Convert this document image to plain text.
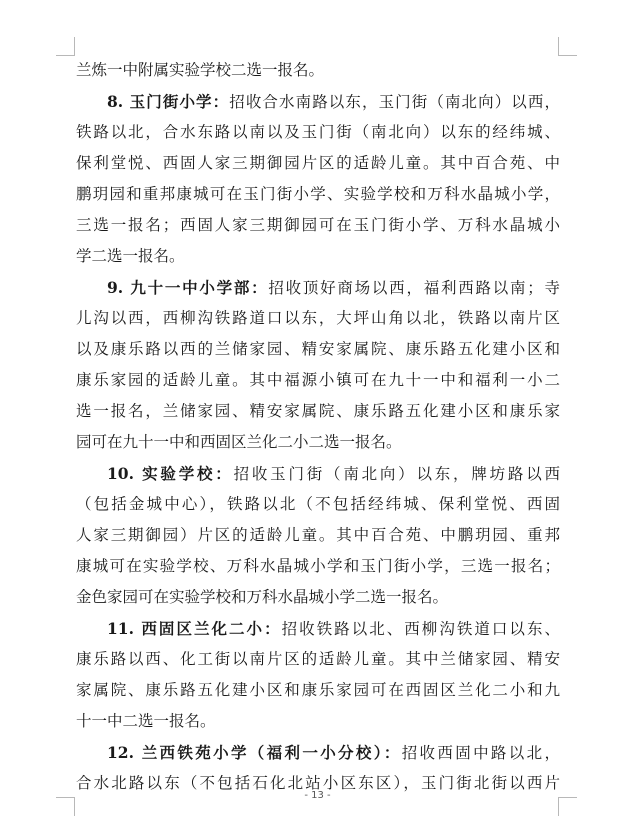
兰炼一中附属实验学校二选一报名。
8. 玉门街小学：招收合水南路以东，玉门街（南北向）以西，
铁路以北，合水东路以南以及玉门街（南北向）以东的经纬城、
保利堂悦、西固人家三期御园片区的适龄儿童。其中百合苑、中
鹏玥园和重邦康城可在玉门街小学、实验学校和万科水晶城小学，
三选一报名；西固人家三期御园可在玉门街小学、万科水晶城小
学二选一报名。
9. 九十一中小学部：招收顶好商场以西，福利西路以南；寺
儿沟以西，西柳沟铁路道口以东，大坪山角以北，铁路以南片区
以及康乐路以西的兰储家园、精安家属院、康乐路五化建小区和
康乐家园的适龄儿童。其中福源小镇可在九十一中和福利一小二
选一报名，兰储家园、精安家属院、康乐路五化建小区和康乐家
园可在九十一中和西固区兰化二小二选一报名。
10. 实验学校：招收玉门街（南北向）以东，牌坊路以西
（包括金城中心），铁路以北（不包括经纬城、保利堂悦、西固
人家三期御园）片区的适龄儿童。其中百合苑、中鹏玥园、重邦
康城可在实验学校、万科水晶城小学和玉门街小学，三选一报名；
金色家园可在实验学校和万科水晶城小学二选一报名。
11. 西固区兰化二小：招收铁路以北、西柳沟铁道口以东、
康乐路以西、化工街以南片区的适龄儿童。其中兰储家园、精安
家属院、康乐路五化建小区和康乐家园可在西固区兰化二小和九
十一中二选一报名。
12. 兰西铁苑小学（福利一小分校）：招收西固中路以北，
合水北路以东（不包括石化北站小区东区），玉门街北街以西片
- 13 -
